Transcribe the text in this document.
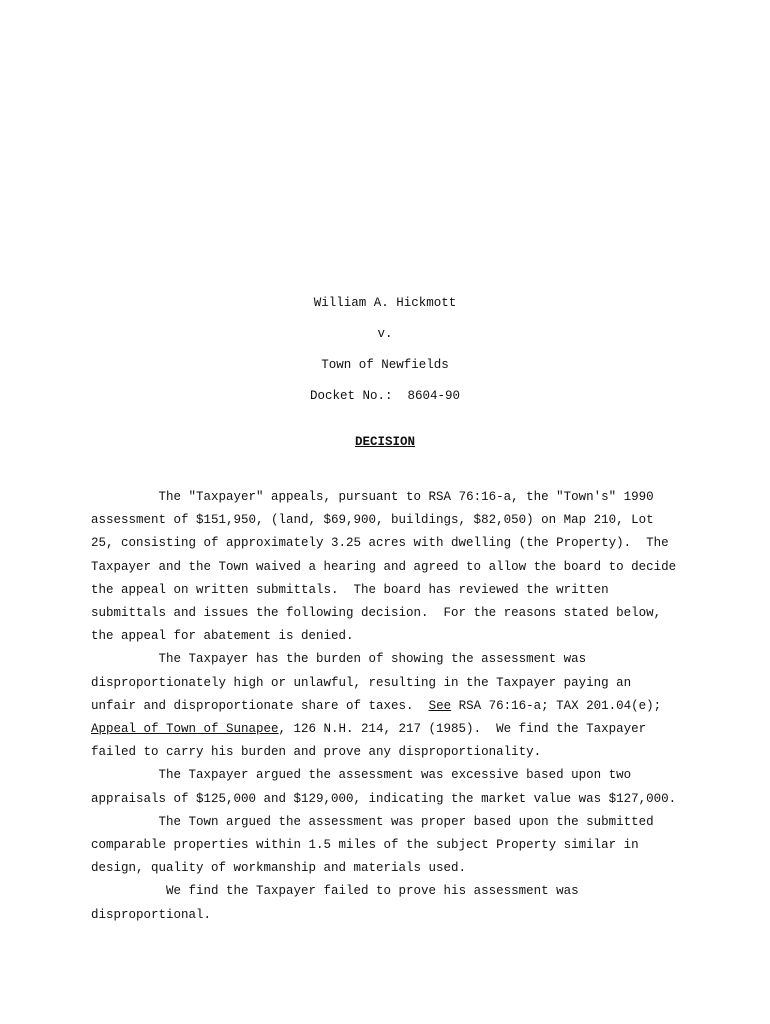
William A. Hickmott
v.
Town of Newfields
Docket No.:  8604-90
DECISION
The "Taxpayer" appeals, pursuant to RSA 76:16-a, the "Town's" 1990
assessment of $151,950, (land, $69,900, buildings, $82,050) on Map 210, Lot
25, consisting of approximately 3.25 acres with dwelling (the Property).  The
Taxpayer and the Town waived a hearing and agreed to allow the board to decide
the appeal on written submittals.  The board has reviewed the written
submittals and issues the following decision.  For the reasons stated below,
the appeal for abatement is denied.
The Taxpayer has the burden of showing the assessment was
disproportionately high or unlawful, resulting in the Taxpayer paying an
unfair and disproportionate share of taxes.  See RSA 76:16-a; TAX 201.04(e);
Appeal of Town of Sunapee, 126 N.H. 214, 217 (1985).  We find the Taxpayer
failed to carry his burden and prove any disproportionality.
The Taxpayer argued the assessment was excessive based upon two
appraisals of $125,000 and $129,000, indicating the market value was $127,000.
The Town argued the assessment was proper based upon the submitted
comparable properties within 1.5 miles of the subject Property similar in
design, quality of workmanship and materials used.
We find the Taxpayer failed to prove his assessment was
disproportional.
